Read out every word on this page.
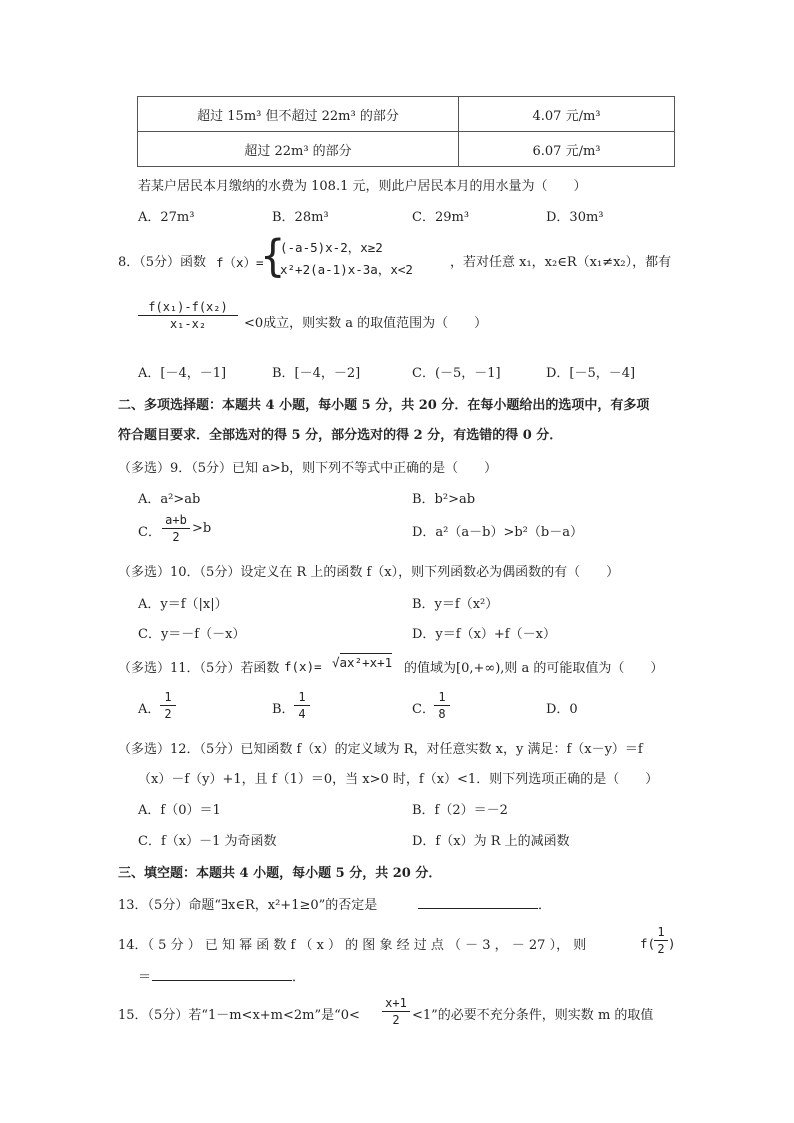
超过 15m³ 但不超过 22m³ 的部分	4.07 元/m³
超过 22m³ 的部分	6.07 元/m³
若某户居民本月缴纳的水费为 108.1 元，则此户居民本月的用水量为（　　）
A．27m³	B．28m³	C．29m³	D．30m³
8．（5分）函数 f（x）=
{
(-a-5)x-2，x≥2
x²+2(a-1)x-3a，x<2	，若对任意 x₁，x₂∈R（x₁≠x₂），都有
$\frac{\text{f(x₁)-f(x₂)}}{\text{x₁-x₂}} <0$成立，则实数 a 的取值范围为（　　）
A．[－4，－1]	B．[－4，－2]	C．(－5，－1]	D．[－5，－4]
二、多项选择题：本题共 4 小题，每小题 5 分，共 20 分．在每小题给出的选项中，有多项
符合题目要求．全部选对的得 5 分，部分选对的得 2 分，有选错的得 0 分．
（多选）9．（5分）已知 a>b，则下列不等式中正确的是（　　）
A．a²>ab	B．b²>ab
C． $\frac{a+b}{2} >b$	D．a²（a－b）>b²（b－a）
（多选）10．（5分）设定义在 R 上的函数 f（x），则下列函数必为偶函数的有（　　）
A．y＝f（|x|）	B．y＝f（x²）
C．y＝－f（－x）	D．y＝f（x）+f（－x）
（多选）11．（5分）若函数 f(x)= √ax²+x+1 的值域为[0,+∞),则 a 的可能取值为（　　）
A． $\frac{1}{2}$	B． $\frac{1}{4}$	C． $\frac{1}{8}$	D．0
（多选）12．（5分）已知函数 f（x）的定义域为 R，对任意实数 x，y 满足：f（x－y）＝f
（x）－f（y）+1，且 f（1）＝0，当 x>0 时，f（x）<1．则下列选项正确的是（　　）
A．f（0）＝1	B．f（2）＝－2
C．f（x）－1 为奇函数	D．f（x）为 R 上的减函数
三、填空题：本题共 4 小题，每小题 5 分，共 20 分．
13．（5分）命题“∃x∈R，x²+1≥0”的否定是	．
14．（ 5 分 ） 已 知 幂 函 数 f （ x ） 的 图 象 经 过 点 （ － 3 ， － 27 ）， 则	f(
$\frac{1}{2}$ )
＝	．
15．（5分）若“1－m<x+m<2m”是“$0< \frac{x+1}{2} <1$”的必要不充分条件，则实数 m 的取值
